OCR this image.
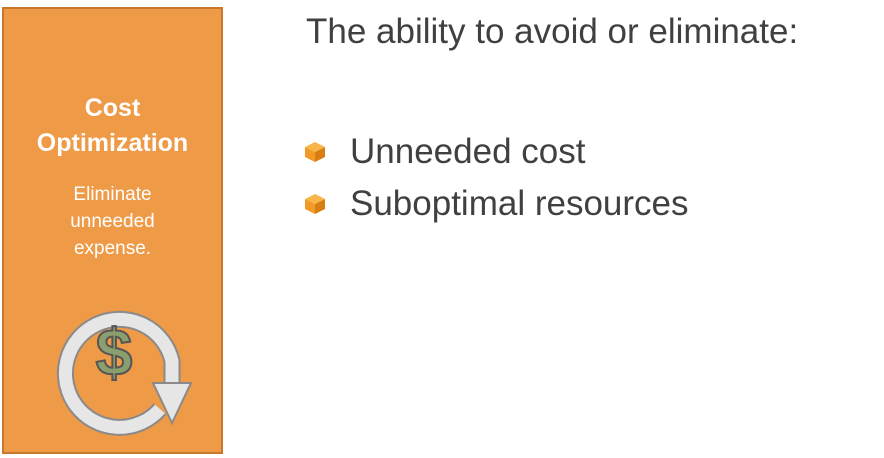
Cost
Optimization
Eliminate
unneeded
expense.
$
The ability to avoid or eliminate:
Unneeded cost
Suboptimal resources
